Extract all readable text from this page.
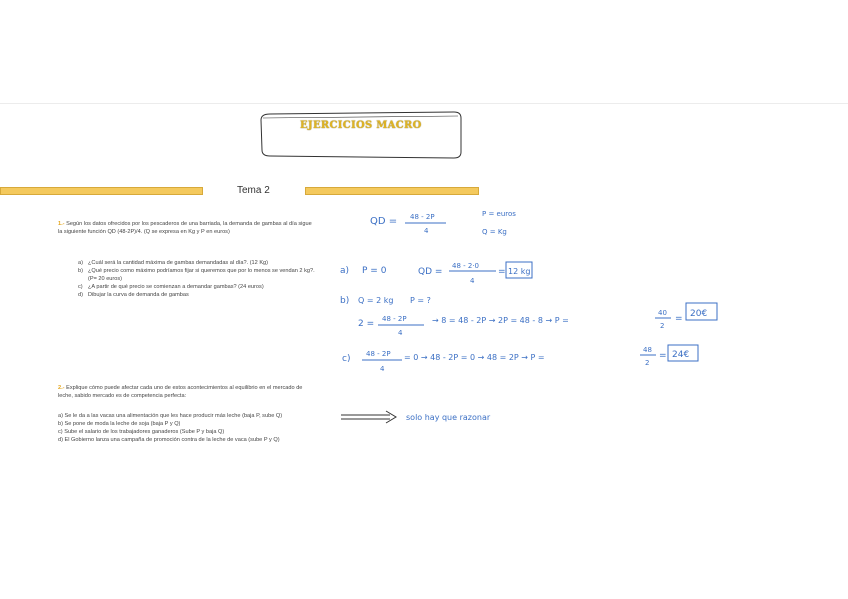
EJERCICIOS MACRO
Tema 2
1.- Según los datos ofrecidos por los pescaderos de una barriada, la demanda de gambas al día sigue la siguiente función QD (48-2P)/4. (Q se expresa en Kg y P en euros)
a) ¿Cuál será la cantidad máxima de gambas demandadas al día?. (12 Kg)
b) ¿Qué precio como máximo podríamos fijar si queremos que por lo menos se vendan 2 kg?. (P= 20 euros)
c) ¿A partir de qué precio se comienzan a demandar gambas? (24 euros)
d) Dibujar la curva de demanda de gambas
2.- Explique cómo puede afectar cada uno de estos acontecimientos al equilibrio en el mercado de leche, sabido mercado es de competencia perfecta:
a) Se le da a las vacas una alimentación que les hace producir más leche (baja P, sube Q)
b) Se pone de moda la leche de soja (baja P y Q)
c) Sube el salario de los trabajadores ganaderos (Sube P y baja Q)
d) El Gobierno lanza una campaña de promoción contra de la leche de vaca (sube P y Q)
QD = 48 - 2P
4
P = euros
Q = Kg
a) P = 0	QD =
48 - 2·0
4
= 12 kg
b) Q = 2 kg P = ?
2 = 48 - 2P
4
→ 8 = 48 - 2P → 2P = 48 - 8 → P =
40
2
= 20€
c) 48 - 2P
4
= 0 → 48 - 2P = 0 → 48 = 2P → P =
48
2
= 24€
solo hay que razonar
